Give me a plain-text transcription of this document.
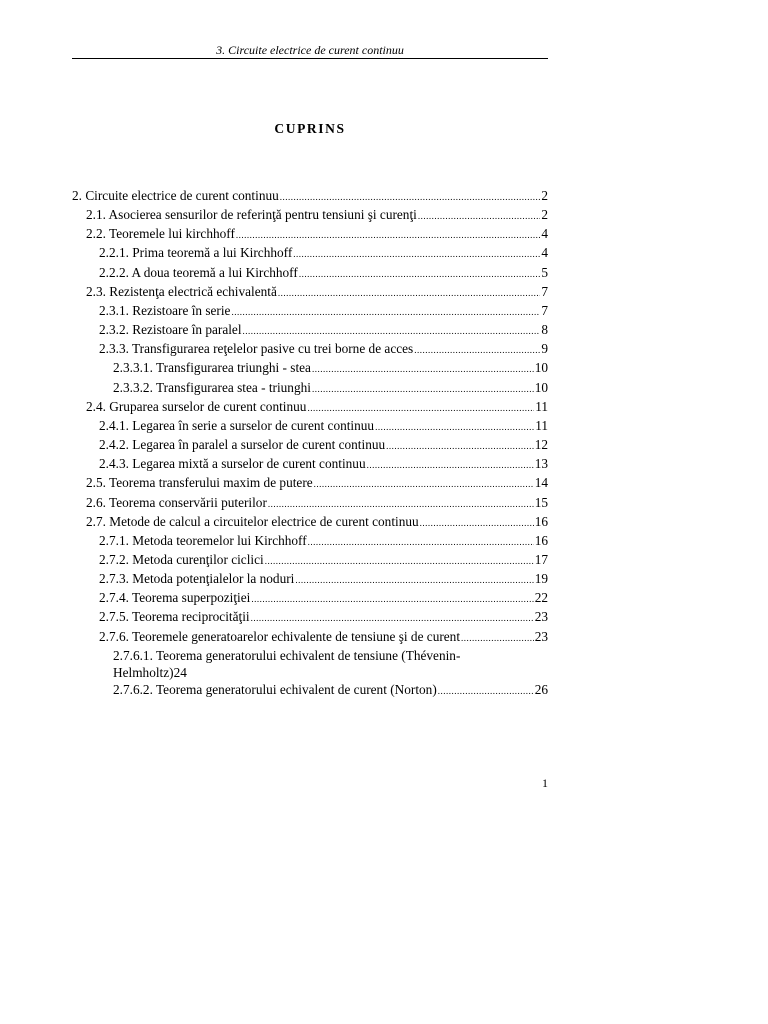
3. Circuite electrice de curent continuu
CUPRINS
2. Circuite electrice de curent continuu .....	2
2.1. Asocierea sensurilor de referinţă pentru tensiuni şi curenţi .....	2
2.2. Teoremele lui kirchhoff .....	4
2.2.1. Prima teoremă a lui Kirchhoff .....	4
2.2.2. A doua teoremă a lui Kirchhoff .....	5
2.3. Rezistenţa electrică echivalentă .....	7
2.3.1. Rezistoare în serie .....	7
2.3.2. Rezistoare în paralel .....	8
2.3.3. Transfigurarea reţelelor pasive cu trei borne de acces .....	9
2.3.3.1. Transfigurarea triunghi - stea .....	10
2.3.3.2. Transfigurarea stea - triunghi .....	10
2.4. Gruparea surselor de curent continuu .....	11
2.4.1. Legarea în serie a surselor de curent continuu .....	11
2.4.2. Legarea în paralel a surselor de curent continuu .....	12
2.4.3. Legarea mixtă a surselor de curent continuu .....	13
2.5. Teorema transferului maxim de putere .....	14
2.6. Teorema conservării puterilor .....	15
2.7. Metode de calcul a circuitelor electrice de curent continuu .....	16
2.7.1. Metoda teoremelor lui Kirchhoff .....	16
2.7.2. Metoda curenţilor ciclici .....	17
2.7.3. Metoda potenţialelor la noduri .....	19
2.7.4. Teorema superpoziţiei .....	22
2.7.5. Teorema reciprocităţii .....	23
2.7.6. Teoremele generatoarelor echivalente de tensiune şi de curent .....	23
2.7.6.1. Teorema generatorului echivalent de tensiune (Thévenin-
Helmholtz) 24
2.7.6.2. Teorema generatorului echivalent de curent (Norton) .....	26
1
